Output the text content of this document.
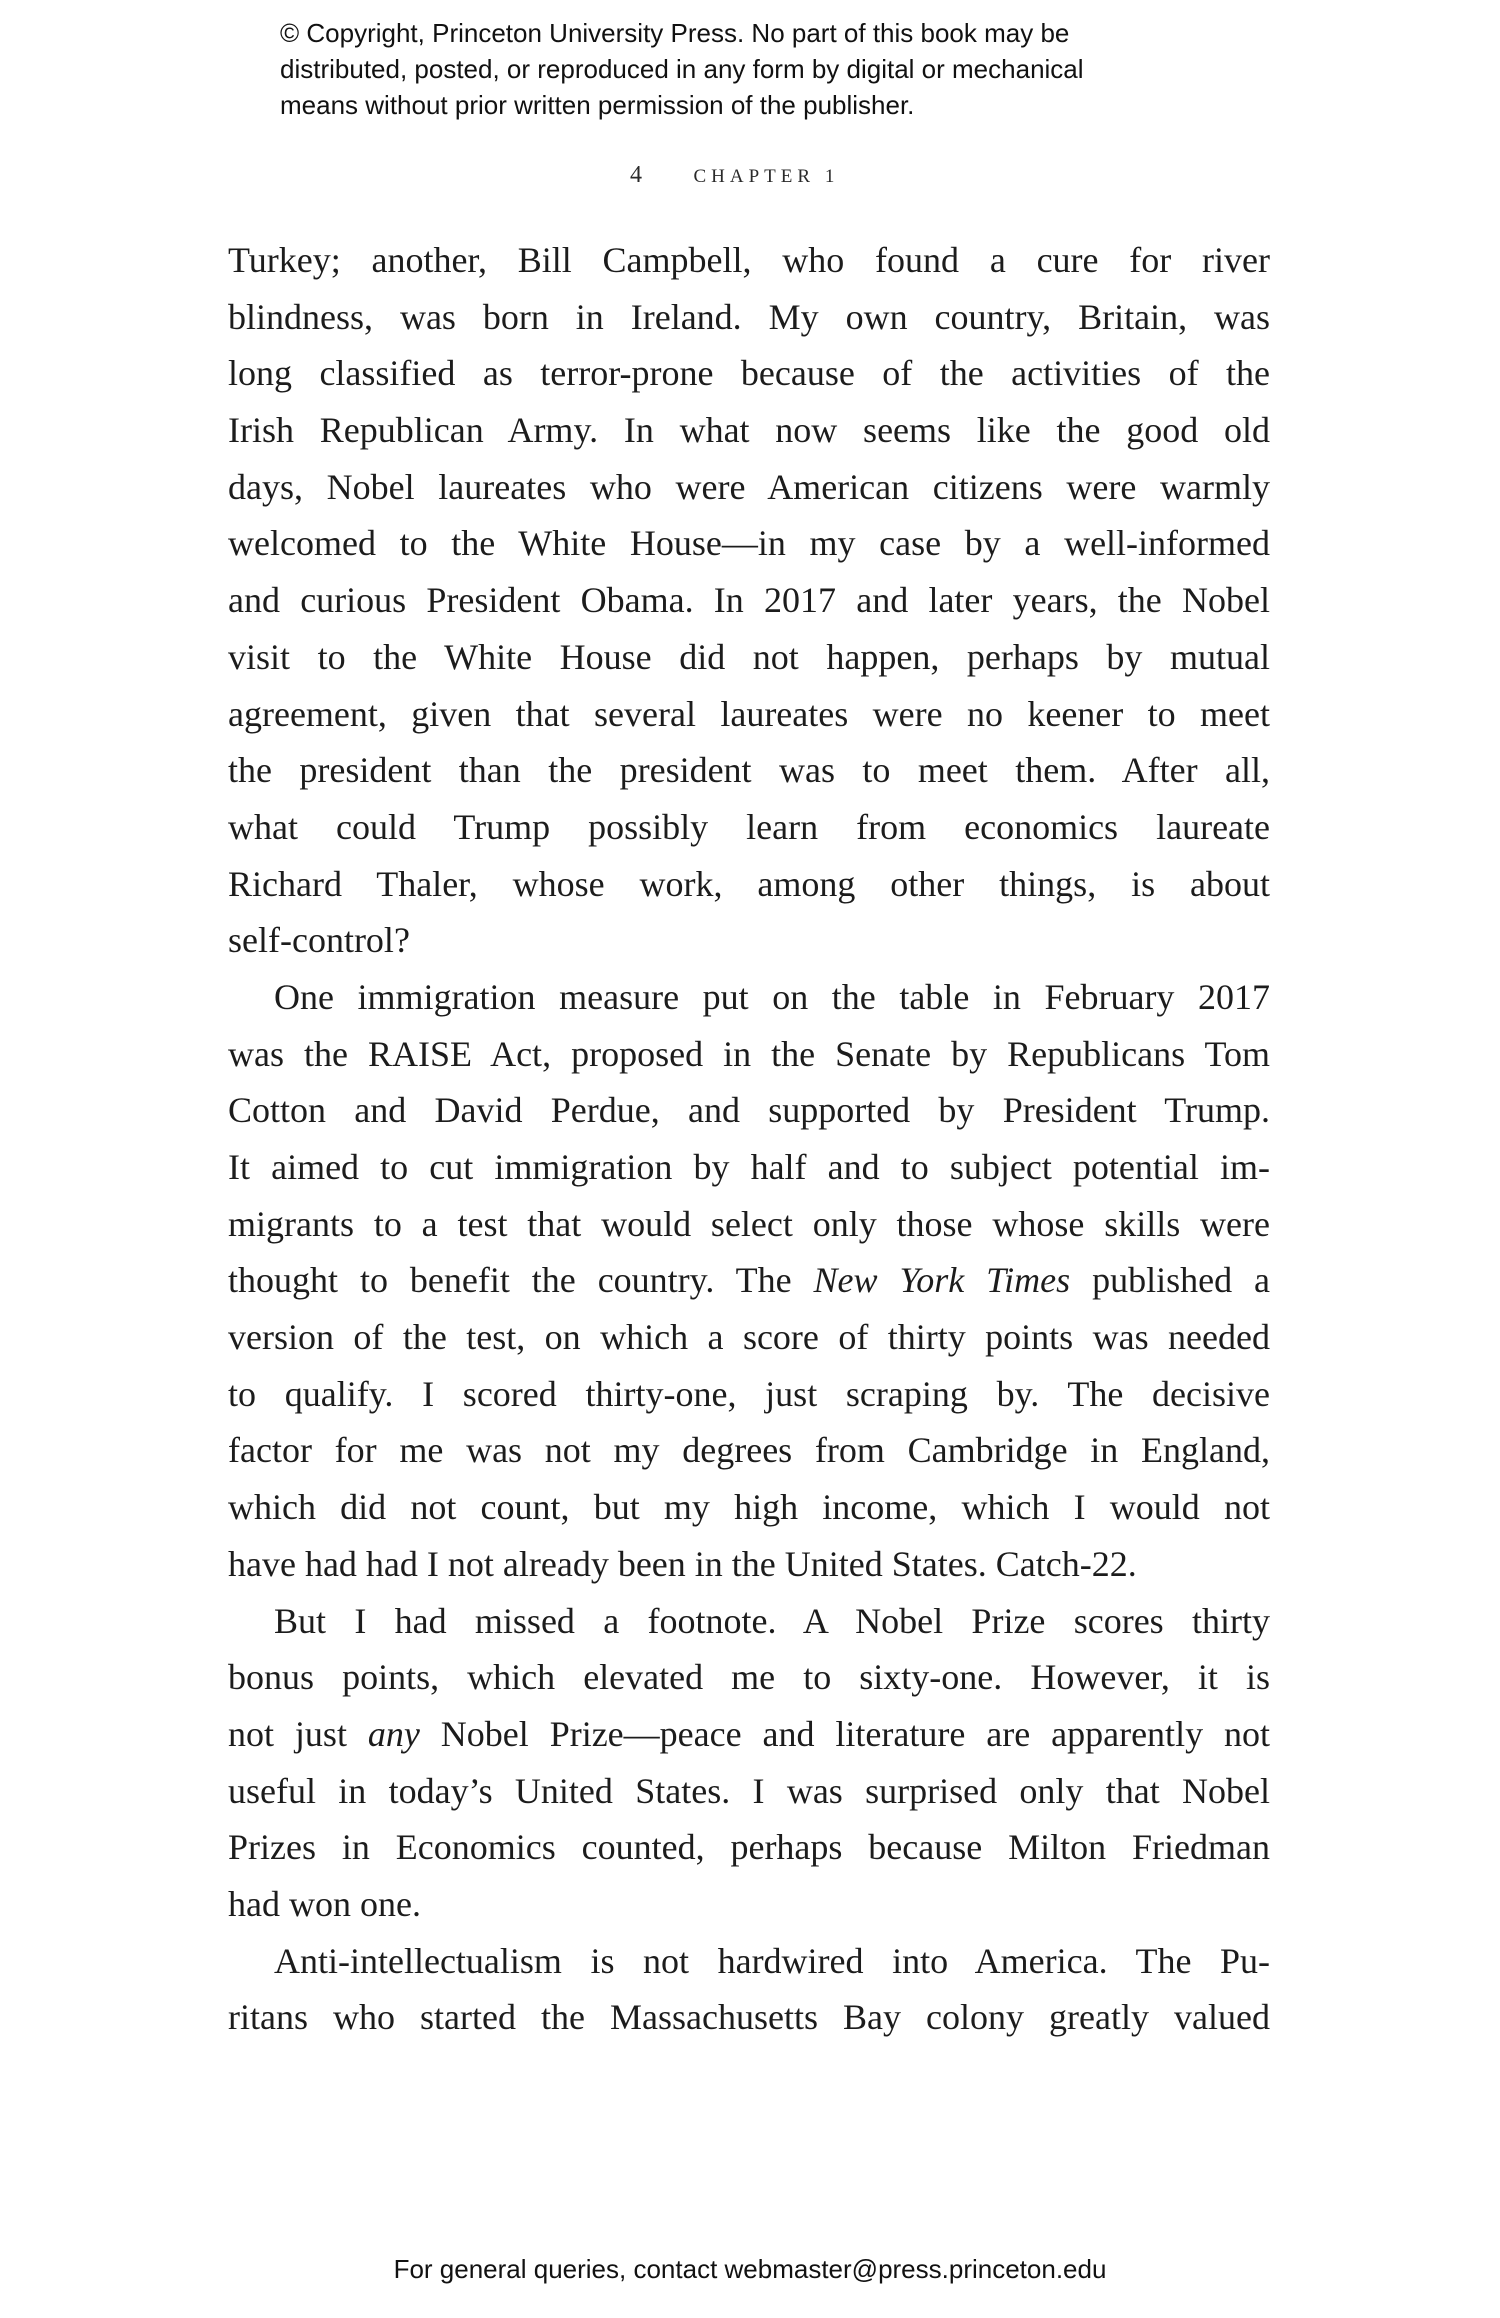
© Copyright, Princeton University Press. No part of this book may be
distributed, posted, or reproduced in any form by digital or mechanical
means without prior written permission of the publisher.
4	CHAPTER 1
Turkey; another, Bill Campbell, who found a cure for river
blindness, was born in Ireland. My own country, Britain, was
long classified as terror-prone because of the activities of the
Irish Republican Army. In what now seems like the good old
days, Nobel laureates who were American citizens were warmly
welcomed to the White House—in my case by a well-informed
and curious President Obama. In 2017 and later years, the Nobel
visit to the White House did not happen, perhaps by mutual
agreement, given that several laureates were no keener to meet
the president than the president was to meet them. After all,
what could Trump possibly learn from economics laureate
Richard Thaler, whose work, among other things, is about
self-control?
One immigration measure put on the table in February 2017
was the RAISE Act, proposed in the Senate by Republicans Tom
Cotton and David Perdue, and supported by President Trump.
It aimed to cut immigration by half and to subject potential im-
migrants to a test that would select only those whose skills were
thought to benefit the country. The New York Times published a
version of the test, on which a score of thirty points was needed
to qualify. I scored thirty-one, just scraping by. The decisive
factor for me was not my degrees from Cambridge in England,
which did not count, but my high income, which I would not
have had had I not already been in the United States. Catch-22.
But I had missed a footnote. A Nobel Prize scores thirty
bonus points, which elevated me to sixty-one. However, it is
not just any Nobel Prize—peace and literature are apparently not
useful in today’s United States. I was surprised only that Nobel
Prizes in Economics counted, perhaps because Milton Friedman
had won one.
Anti-intellectualism is not hardwired into America. The Pu-
ritans who started the Massachusetts Bay colony greatly valued
For general queries, contact webmaster@press.princeton.edu
